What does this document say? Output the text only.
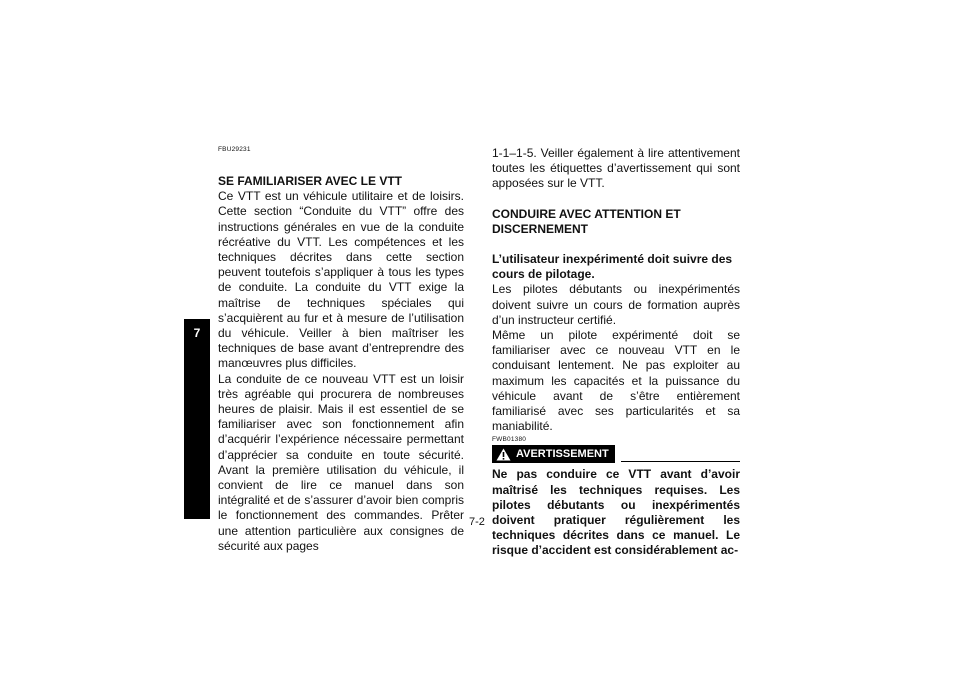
7
FBU29231
SE FAMILIARISER AVEC LE VTT

Ce VTT est un véhicule utilitaire et de loisirs. Cette section “Conduite du VTT” offre des instructions générales en vue de la conduite récréative du VTT. Les compétences et les techniques décrites dans cette section peuvent toutefois s’appliquer à tous les types de conduite. La conduite du VTT exige la maîtrise de techniques spéciales qui s’acquièrent au fur et à mesure de l’utilisation du véhicule. Veiller à bien maîtriser les techniques de base avant d’entreprendre des manœuvres plus difficiles.

La conduite de ce nouveau VTT est un loisir très agréable qui procurera de nombreuses heures de plaisir. Mais il est essentiel de se familiariser avec son fonctionnement afin d’acquérir l’expérience nécessaire permettant d’apprécier sa conduite en toute sécurité. Avant la première utilisation du véhicule, il convient de lire ce manuel dans son intégralité et de s’assurer d’avoir bien compris le fonctionnement des commandes. Prêter une attention particulière aux consignes de sécurité aux pages

1-1–1-5. Veiller également à lire attentivement toutes les étiquettes d’avertissement qui sont apposées sur le VTT.

CONDUIRE AVEC ATTENTION ET DISCERNEMENT
L’utilisateur inexpérimenté doit suivre des cours de pilotage.

Les pilotes débutants ou inexpérimentés doivent suivre un cours de formation auprès d’un instructeur certifié.

Même un pilote expérimenté doit se familiariser avec ce nouveau VTT en le conduisant lentement. Ne pas exploiter au maximum les capacités et la puissance du véhicule avant de s’être entièrement familiarisé avec ses particularités et sa maniabilité.

FWB01380
AVERTISSEMENT

Ne pas conduire ce VTT avant d’avoir maîtrisé les techniques requises. Les pilotes débutants ou inexpérimentés doivent pratiquer régulièrement les techniques décrites dans ce manuel. Le risque d’accident est considérablement ac-

7-2
